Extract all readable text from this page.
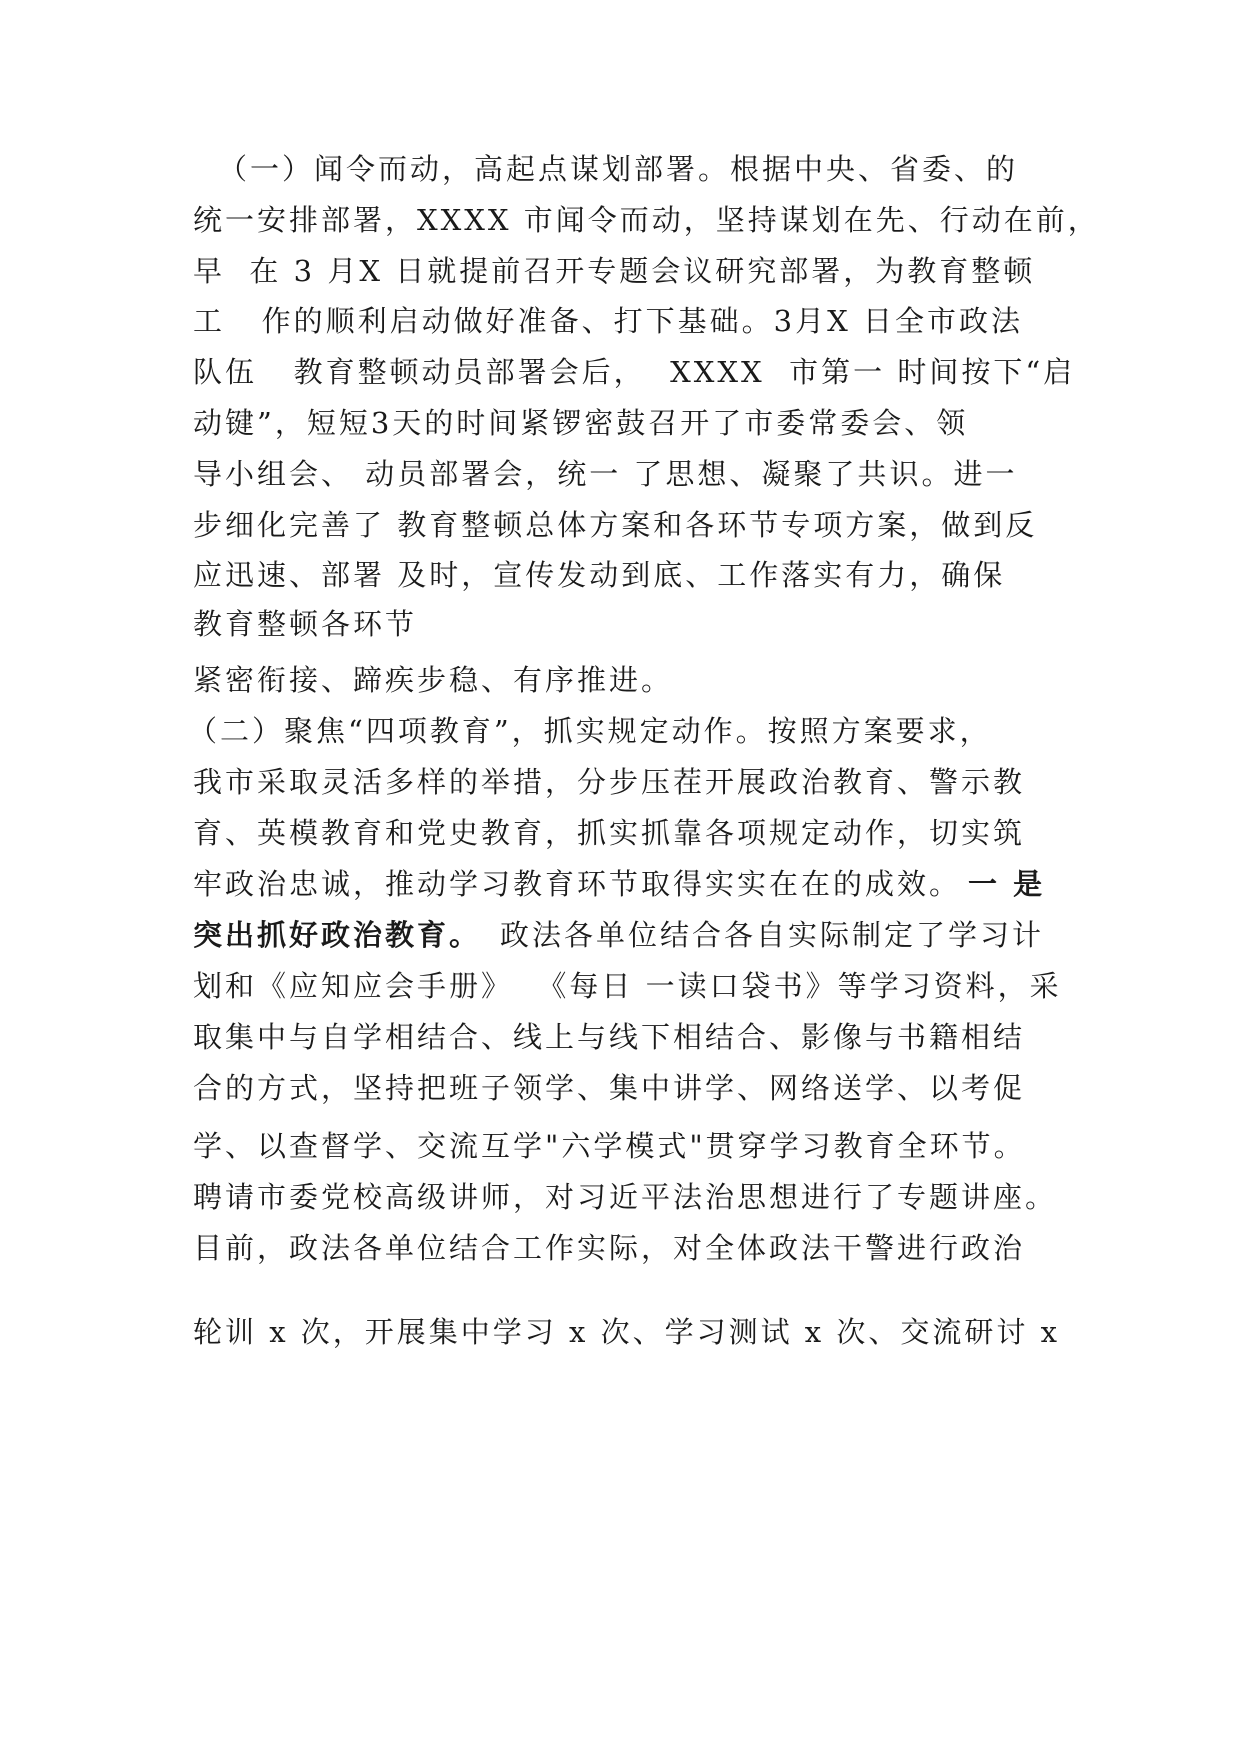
（一）闻令而动，高起点谋划部署。根据中央、省委、的

统一安排部署，XXXX 市闻令而动，坚持谋划在先、行动在前，

早  在 3 月X 日就提前召开专题会议研究部署，为教育整顿

工   作的顺利启动做好准备、打下基础。3月X 日全市政法

队伍   教育整顿动员部署会后，  XXXX  市第一 时间按下“启

动键”，短短3天的时间紧锣密鼓召开了市委常委会、领

导小组会、 动员部署会，统一 了思想、凝聚了共识。进一

步细化完善了 教育整顿总体方案和各环节专项方案，做到反

应迅速、部署 及时，宣传发动到底、工作落实有力，确保

教育整顿各环节

紧密衔接、蹄疾步稳、有序推进。

（二）聚焦“四项教育”，抓实规定动作。按照方案要求，

我市采取灵活多样的举措，分步压茬开展政治教育、警示教

育、英模教育和党史教育，抓实抓靠各项规定动作，切实筑

牢政治忠诚，推动学习教育环节取得实实在在的成效。 一 是

突出抓好政治教育。 政法各单位结合各自实际制定了学习计

划和《应知应会手册》  《每日 一读口袋书》等学习资料，采

取集中与自学相结合、线上与线下相结合、影像与书籍相结

合的方式，坚持把班子领学、集中讲学、网络送学、以考促

学、以查督学、交流互学"六学模式"贯穿学习教育全环节。

聘请市委党校高级讲师，对习近平法治思想进行了专题讲座。

目前，政法各单位结合工作实际，对全体政法干警进行政治

轮训 x 次，开展集中学习 x 次、学习测试 x 次、交流研讨 x
